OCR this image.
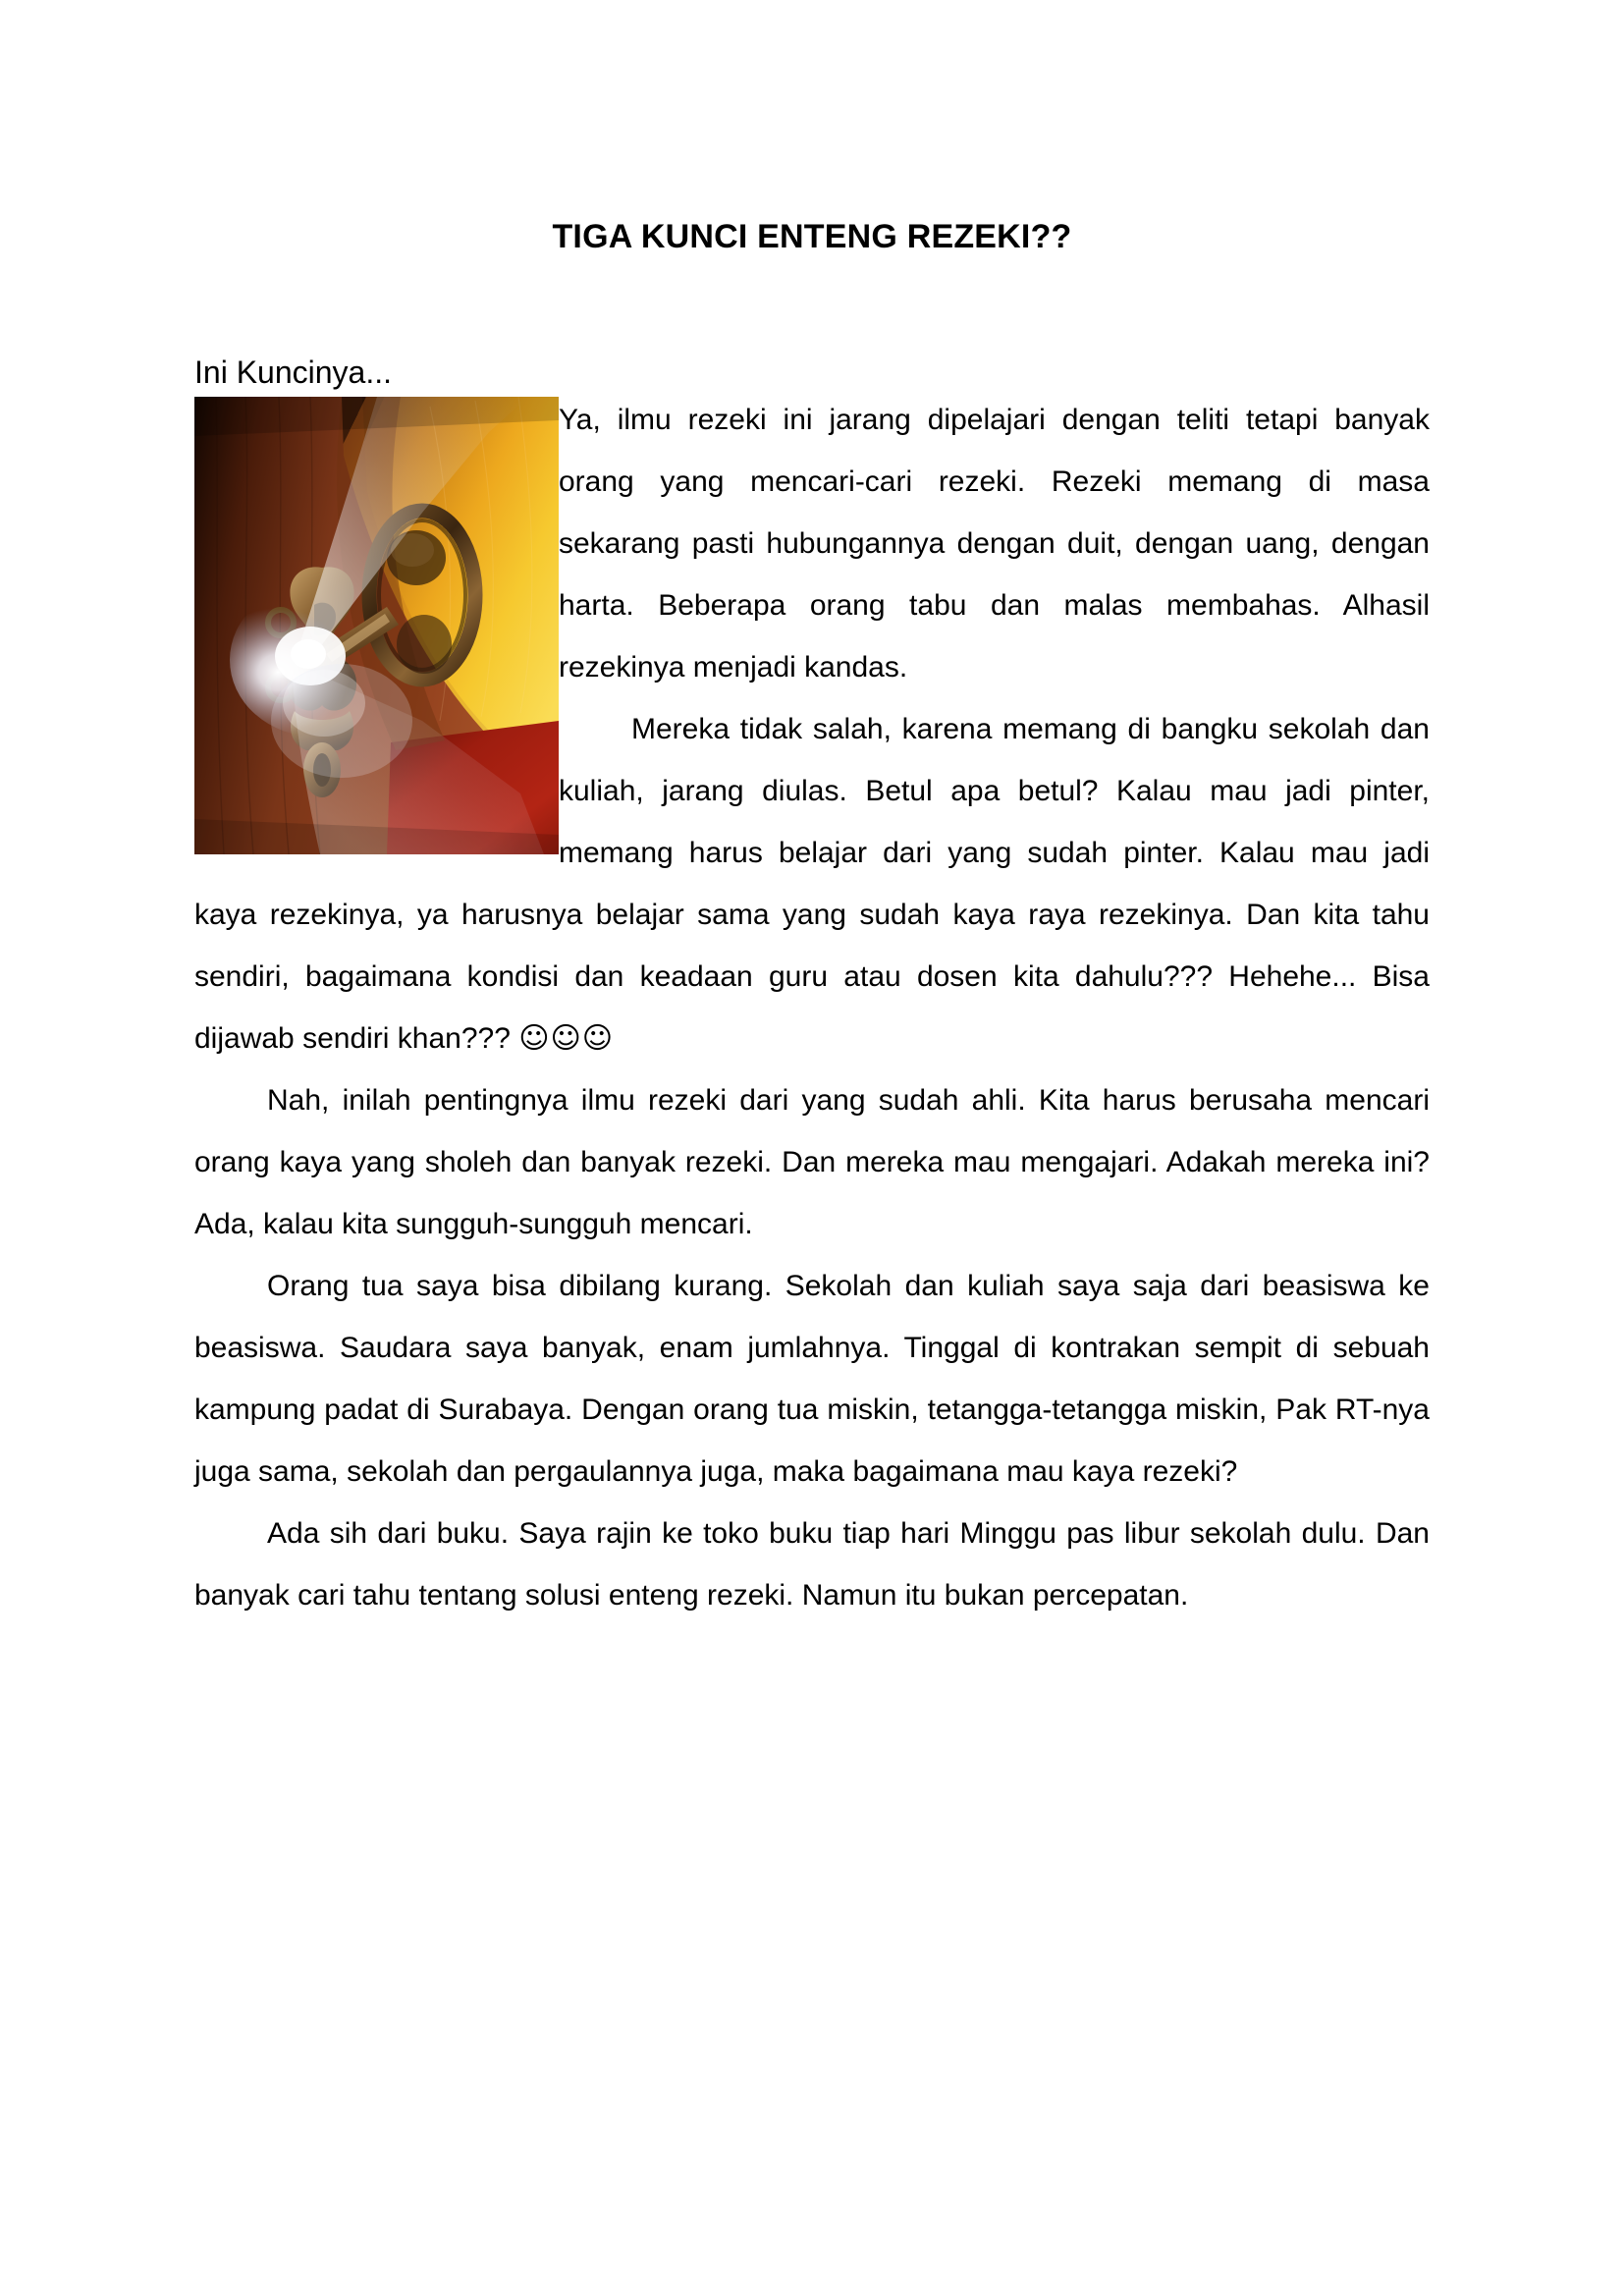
TIGA KUNCI ENTENG REZEKI??
Ini Kuncinya...

Ya, ilmu rezeki ini jarang dipelajari dengan teliti tetapi banyak orang yang mencari-cari rezeki. Rezeki memang di masa sekarang pasti hubungannya dengan duit, dengan uang, dengan harta. Beberapa orang tabu dan malas membahas. Alhasil rezekinya menjadi kandas.

Mereka tidak salah, karena memang di bangku sekolah dan kuliah, jarang diulas. Betul apa betul? Kalau mau jadi pinter, memang harus belajar dari yang sudah pinter. Kalau mau jadi kaya rezekinya, ya harusnya belajar sama yang sudah kaya raya rezekinya. Dan kita tahu sendiri, bagaimana kondisi dan keadaan guru atau dosen kita dahulu??? Hehehe... Bisa dijawab sendiri khan??? ☺☺☺

Nah, inilah pentingnya ilmu rezeki dari yang sudah ahli. Kita harus berusaha mencari orang kaya yang sholeh dan banyak rezeki. Dan mereka mau mengajari. Adakah mereka ini? Ada, kalau kita sungguh-sungguh mencari.

Orang tua saya bisa dibilang kurang. Sekolah dan kuliah saya saja dari beasiswa ke beasiswa. Saudara saya banyak, enam jumlahnya. Tinggal di kontrakan sempit di sebuah kampung padat di Surabaya. Dengan orang tua miskin, tetangga-tetangga miskin, Pak RT-nya juga sama, sekolah dan pergaulannya juga, maka bagaimana mau kaya rezeki?

Ada sih dari buku. Saya rajin ke toko buku tiap hari Minggu pas libur sekolah dulu. Dan banyak cari tahu tentang solusi enteng rezeki. Namun itu bukan percepatan.
